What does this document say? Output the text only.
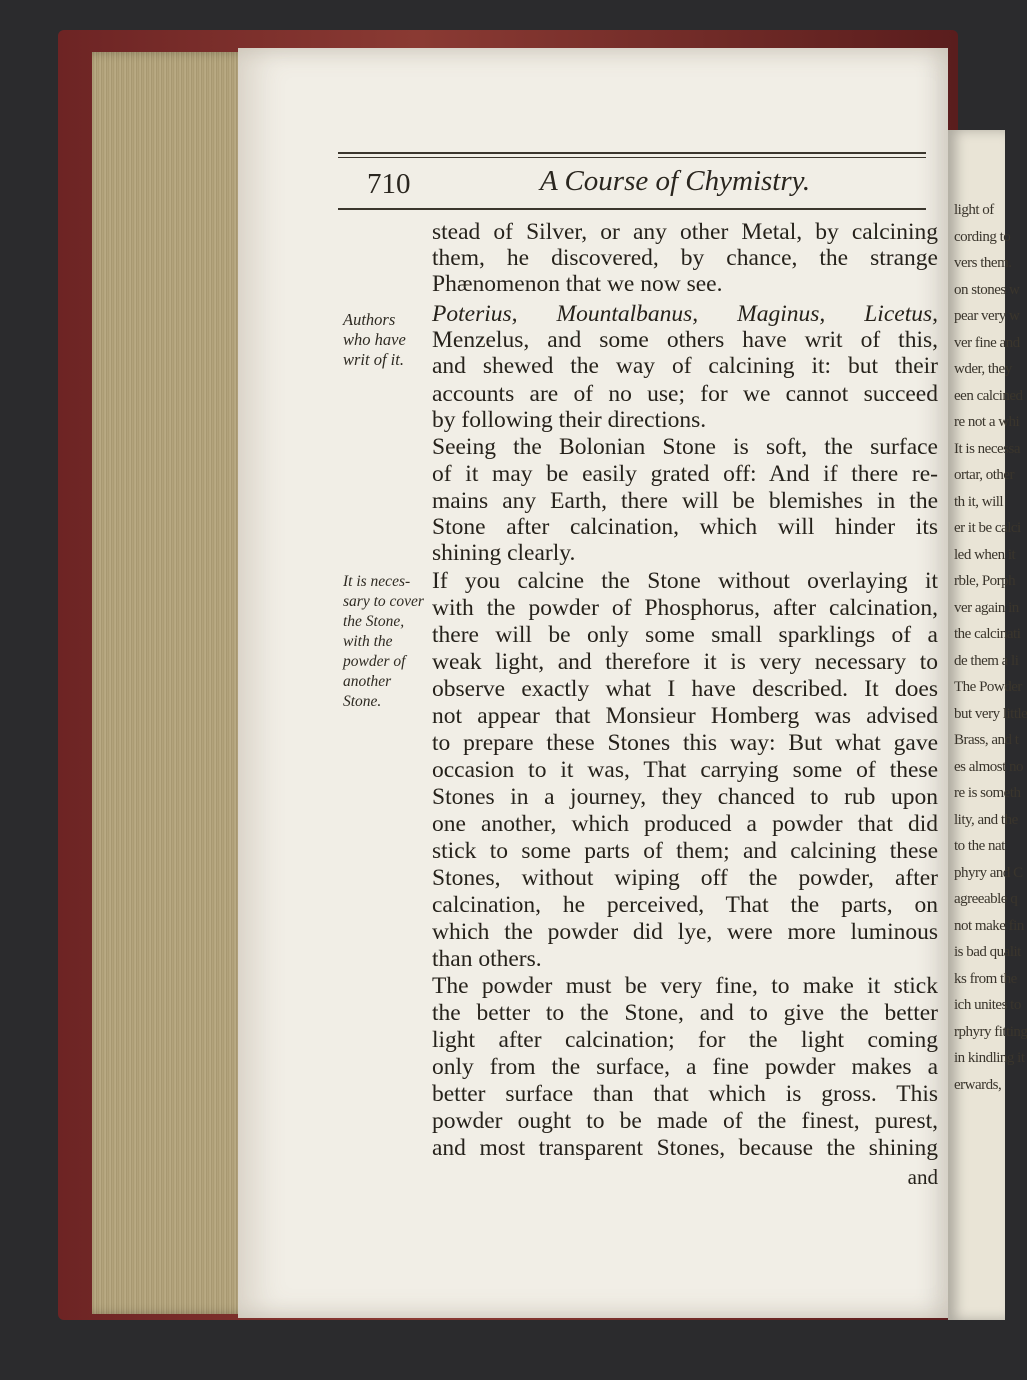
light of
cording to
vers them.
on stones w
pear very w
ver fine and
wder, they
een calcined
re not a whi
It is necessa
ortar, other
th it, will
er it be calci
led when it
rble, Porph
ver again in
the calcinati
de them a li
The Powder
but very little
Brass, and t
es almost no
re is someth
lity, and the
to the nat
phyry and C
agreeable q
not make fin
is bad qualit
ks from the
ich unites to
rphyry fitting
in kindling it
erwards,
710	A Course of Chymistry.
Authors
who have
writ of it.
It is neces-
sary to cover
the Stone,
with the
powder of
another
Stone.
stead of Silver, or any other Metal, by calcining
them, he discovered, by chance, the strange
Phænomenon that we now see.
Poterius, Mountalbanus, Maginus, Licetus,
Menzelus, and some others have writ of this,
and shewed the way of calcining it: but their
accounts are of no use; for we cannot succeed
by following their directions.
Seeing the Bolonian Stone is soft, the surface
of it may be easily grated off: And if there re-
mains any Earth, there will be blemishes in the
Stone after calcination, which will hinder its
shining clearly.
If you calcine the Stone without overlaying it
with the powder of Phosphorus, after calcination,
there will be only some small sparklings of a
weak light, and therefore it is very necessary to
observe exactly what I have described. It does
not appear that Monsieur Homberg was advised
to prepare these Stones this way: But what gave
occasion to it was, That carrying some of these
Stones in a journey, they chanced to rub upon
one another, which produced a powder that did
stick to some parts of them; and calcining these
Stones, without wiping off the powder, after
calcination, he perceived, That the parts, on
which the powder did lye, were more luminous
than others.
The powder must be very fine, to make it stick
the better to the Stone, and to give the better
light after calcination; for the light coming
only from the surface, a fine powder makes a
better surface than that which is gross. This
powder ought to be made of the finest, purest,
and most transparent Stones, because the shining
and
